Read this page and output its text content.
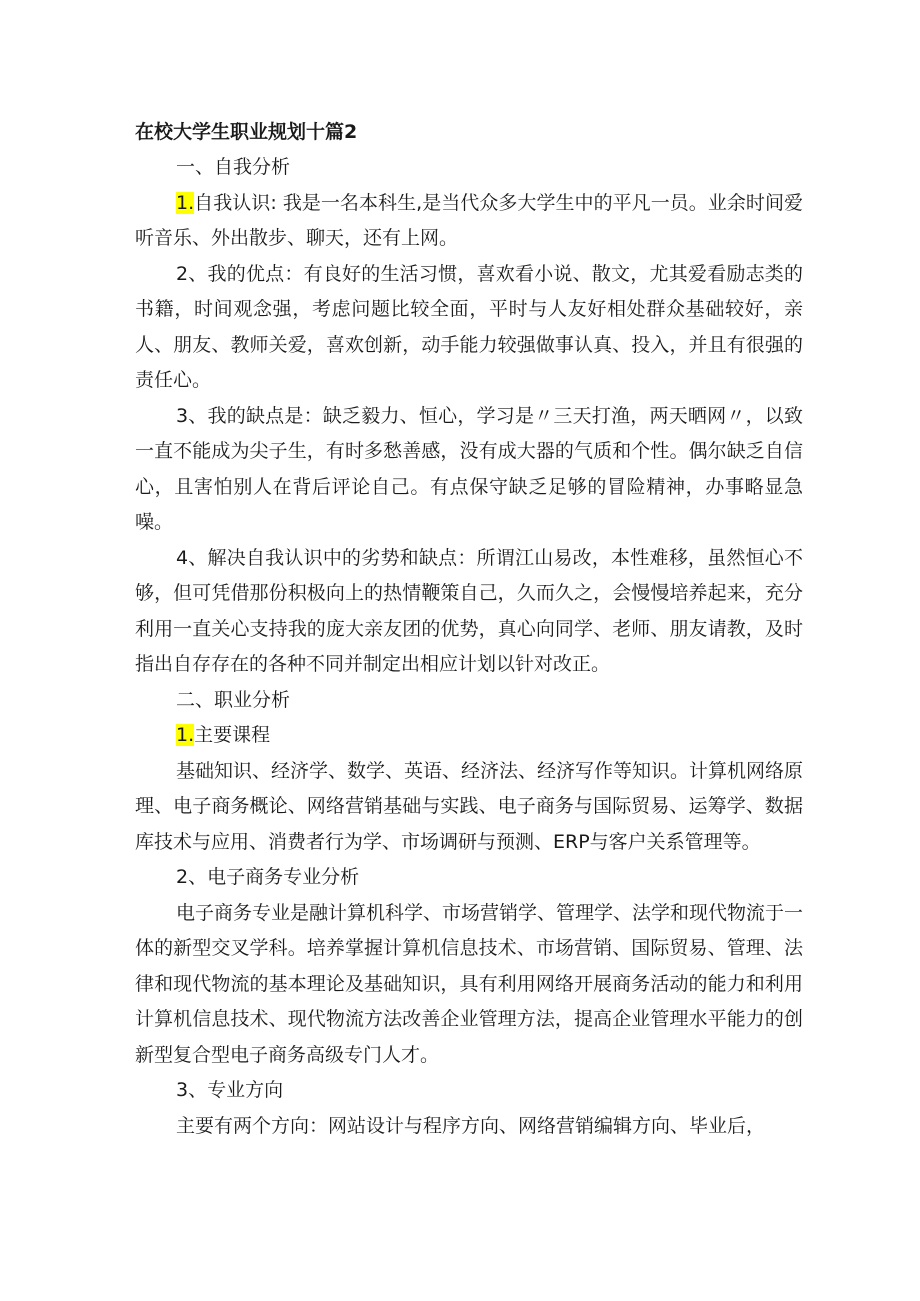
在校大学生职业规划十篇2

一、自我分析

1.自我认识: 我是一名本科生,是当代众多大学生中的平凡一员。业余时间爱听音乐、外出散步、聊天，还有上网。

2、我的优点：有良好的生活习惯，喜欢看小说、散文，尤其爱看励志类的书籍，时间观念强，考虑问题比较全面，平时与人友好相处群众基础较好，亲人、朋友、教师关爱，喜欢创新，动手能力较强做事认真、投入，并且有很强的责任心。

3、我的缺点是：缺乏毅力、恒心，学习是〃三天打渔，两天晒网〃，以致一直不能成为尖子生，有时多愁善感，没有成大器的气质和个性。偶尔缺乏自信心，且害怕别人在背后评论自己。有点保守缺乏足够的冒险精神，办事略显急噪。

4、解决自我认识中的劣势和缺点：所谓江山易改，本性难移，虽然恒心不够，但可凭借那份积极向上的热情鞭策自己，久而久之，会慢慢培养起来，充分利用一直关心支持我的庞大亲友团的优势，真心向同学、老师、朋友请教，及时指出自存存在的各种不同并制定出相应计划以针对改正。

二、职业分析

1.主要课程

基础知识、经济学、数学、英语、经济法、经济写作等知识。计算机网络原理、电子商务概论、网络营销基础与实践、电子商务与国际贸易、运筹学、数据库技术与应用、消费者行为学、市场调研与预测、ERP与客户关系管理等。

2、电子商务专业分析

电子商务专业是融计算机科学、市场营销学、管理学、法学和现代物流于一体的新型交叉学科。培养掌握计算机信息技术、市场营销、国际贸易、管理、法律和现代物流的基本理论及基础知识，具有利用网络开展商务活动的能力和利用计算机信息技术、现代物流方法改善企业管理方法，提高企业管理水平能力的创新型复合型电子商务高级专门人才。

3、专业方向

主要有两个方向：网站设计与程序方向、网络营销编辑方向、毕业后，
